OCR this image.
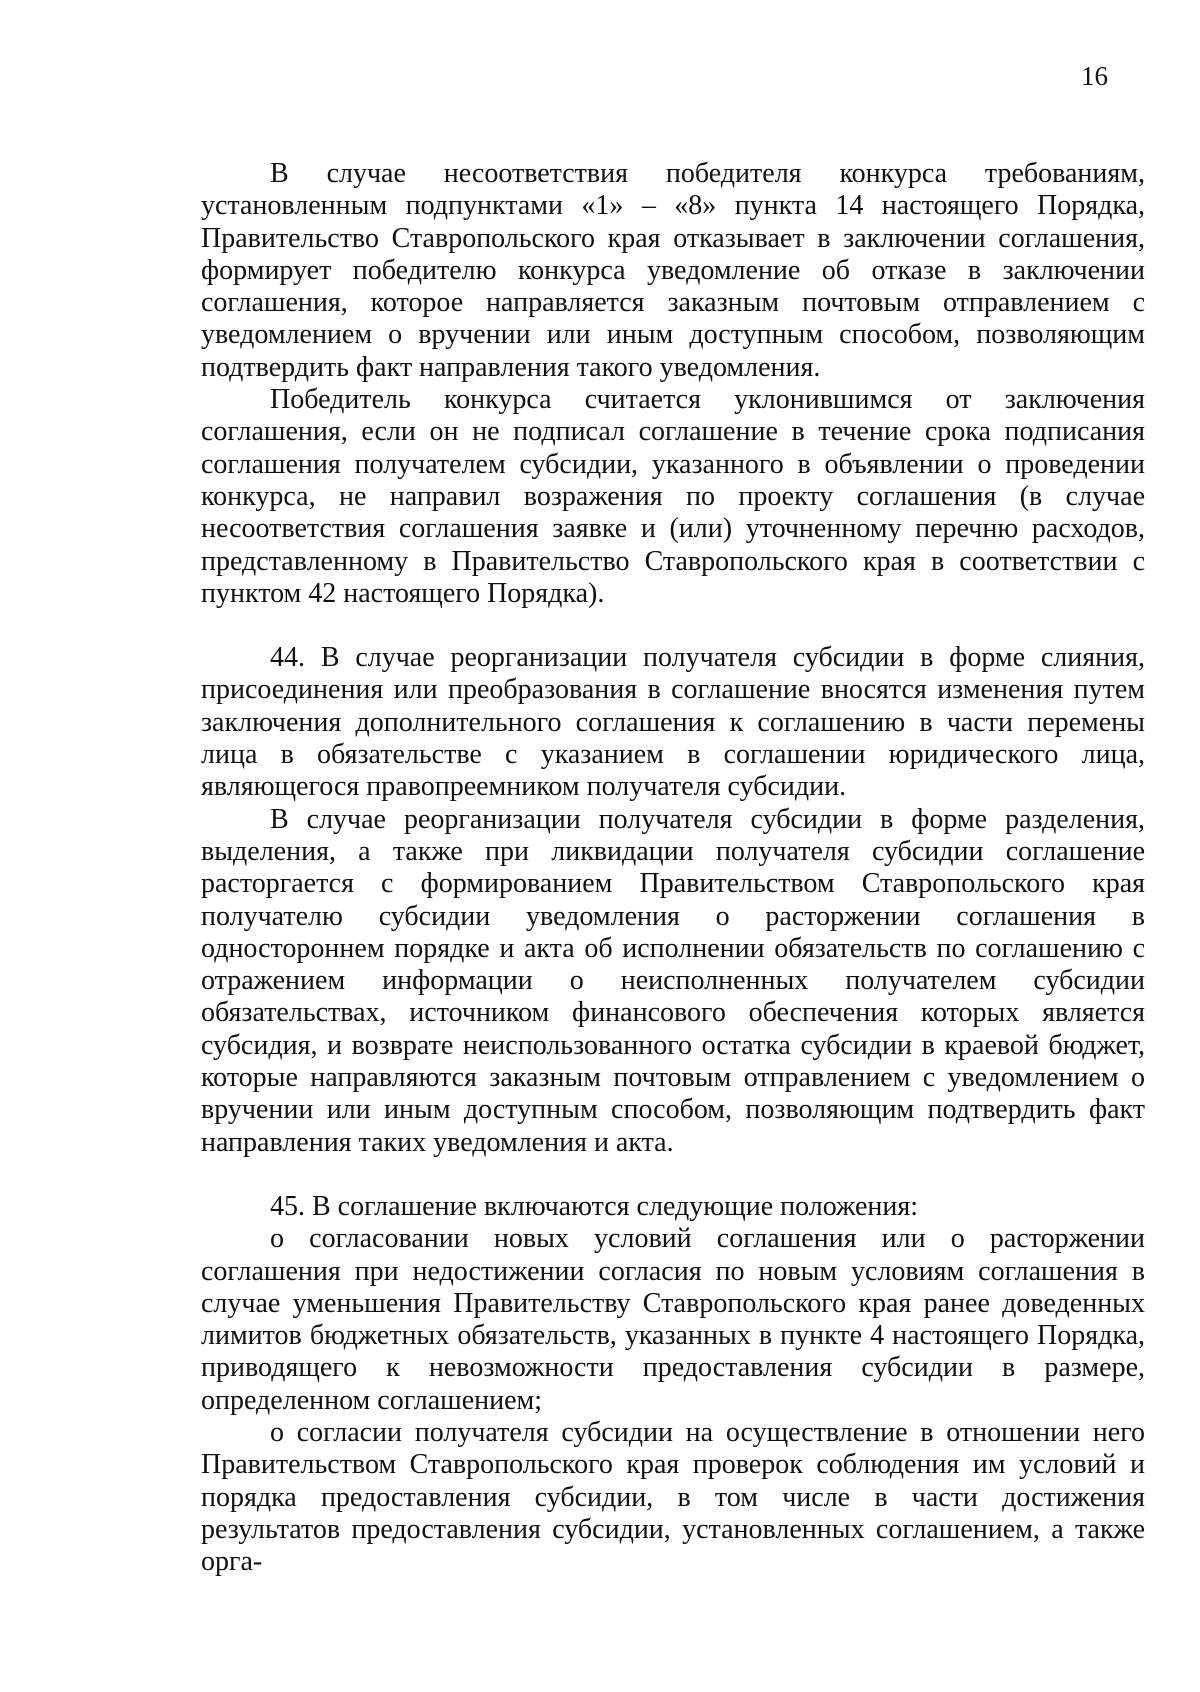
16

В случае несоответствия победителя конкурса требованиям, установленным подпунктами «1» – «8» пункта 14 настоящего Порядка, Правительство Ставропольского края отказывает в заключении соглашения, формирует победителю конкурса уведомление об отказе в заключении соглашения, которое направляется заказным почтовым отправлением с уведомлением о вручении или иным доступным способом, позволяющим подтвердить факт направления такого уведомления.

Победитель конкурса считается уклонившимся от заключения соглашения, если он не подписал соглашение в течение срока подписания соглашения получателем субсидии, указанного в объявлении о проведении конкурса, не направил возражения по проекту соглашения (в случае несоответствия соглашения заявке и (или) уточненному перечню расходов, представленному в Правительство Ставропольского края в соответствии с пунктом 42 настоящего Порядка).

44. В случае реорганизации получателя субсидии в форме слияния, присоединения или преобразования в соглашение вносятся изменения путем заключения дополнительного соглашения к соглашению в части перемены лица в обязательстве с указанием в соглашении юридического лица, являющегося правопреемником получателя субсидии.

В случае реорганизации получателя субсидии в форме разделения, выделения, а также при ликвидации получателя субсидии соглашение расторгается с формированием Правительством Ставропольского края получателю субсидии уведомления о расторжении соглашения в одностороннем порядке и акта об исполнении обязательств по соглашению с отражением информации о неисполненных получателем субсидии обязательствах, источником финансового обеспечения которых является субсидия, и возврате неиспользованного остатка субсидии в краевой бюджет, которые направляются заказным почтовым отправлением с уведомлением о вручении или иным доступным способом, позволяющим подтвердить факт направления таких уведомления и акта.

45. В соглашение включаются следующие положения:

о согласовании новых условий соглашения или о расторжении соглашения при недостижении согласия по новым условиям соглашения в случае уменьшения Правительству Ставропольского края ранее доведенных лимитов бюджетных обязательств, указанных в пункте 4 настоящего Порядка, приводящего к невозможности предоставления субсидии в размере, определенном соглашением;

о согласии получателя субсидии на осуществление в отношении него Правительством Ставропольского края проверок соблюдения им условий и порядка предоставления субсидии, в том числе в части достижения результатов предоставления субсидии, установленных соглашением, а также орга-
